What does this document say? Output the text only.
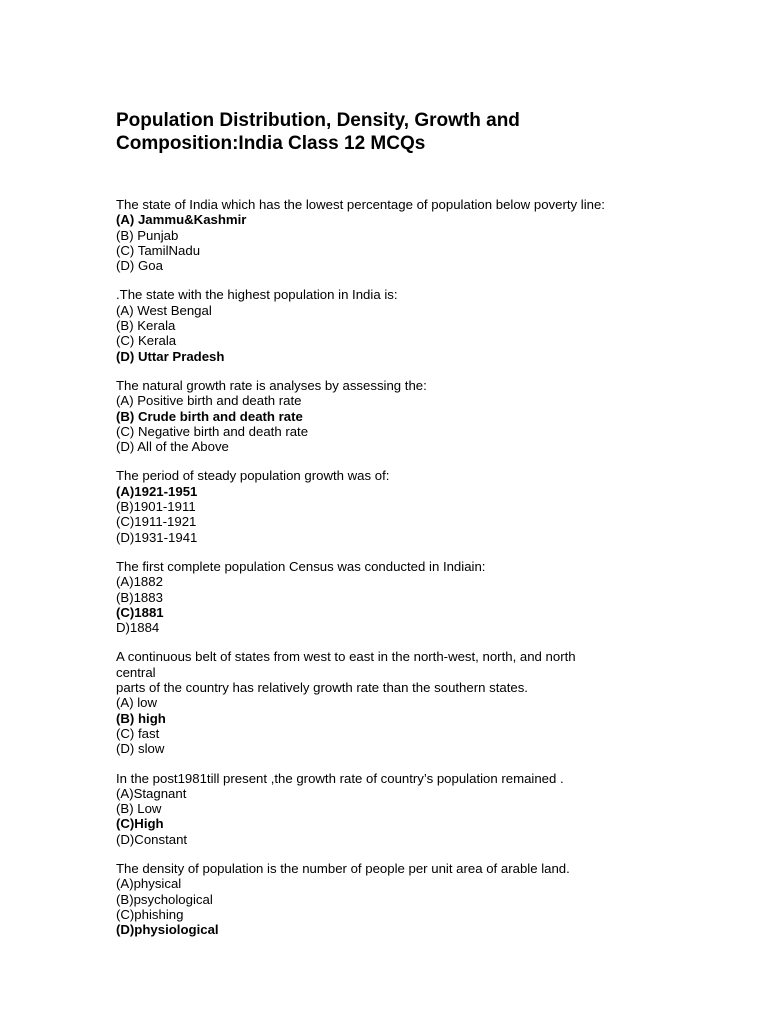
Population Distribution, Density, Growth and
Composition:India Class 12 MCQs
The state of India which has the lowest percentage of population below poverty line:
(A) Jammu&Kashmir
(B) Punjab
(C) TamilNadu
(D) Goa
.The state with the highest population in India is:
(A) West Bengal
(B) Kerala
(C) Kerala
(D) Uttar Pradesh
The natural growth rate is analyses by assessing the:
(A) Positive birth and death rate
(B) Crude birth and death rate
(C) Negative birth and death rate
(D) All of the Above
The period of steady population growth was of:
(A)1921-1951
(B)1901-1911
(C)1911-1921
(D)1931-1941
The first complete population Census was conducted in Indiain:
(A)1882
(B)1883
(C)1881
D)1884
A continuous belt of states from west to east in the north-west, north, and north
central
parts of the country has relatively growth rate than the southern states.
(A) low
(B) high
(C) fast
(D) slow
In the post1981till present ,the growth rate of country’s population remained .
(A)Stagnant
(B) Low
(C)High
(D)Constant
The density of population is the number of people per unit area of arable land.
(A)physical
(B)psychological
(C)phishing
(D)physiological
